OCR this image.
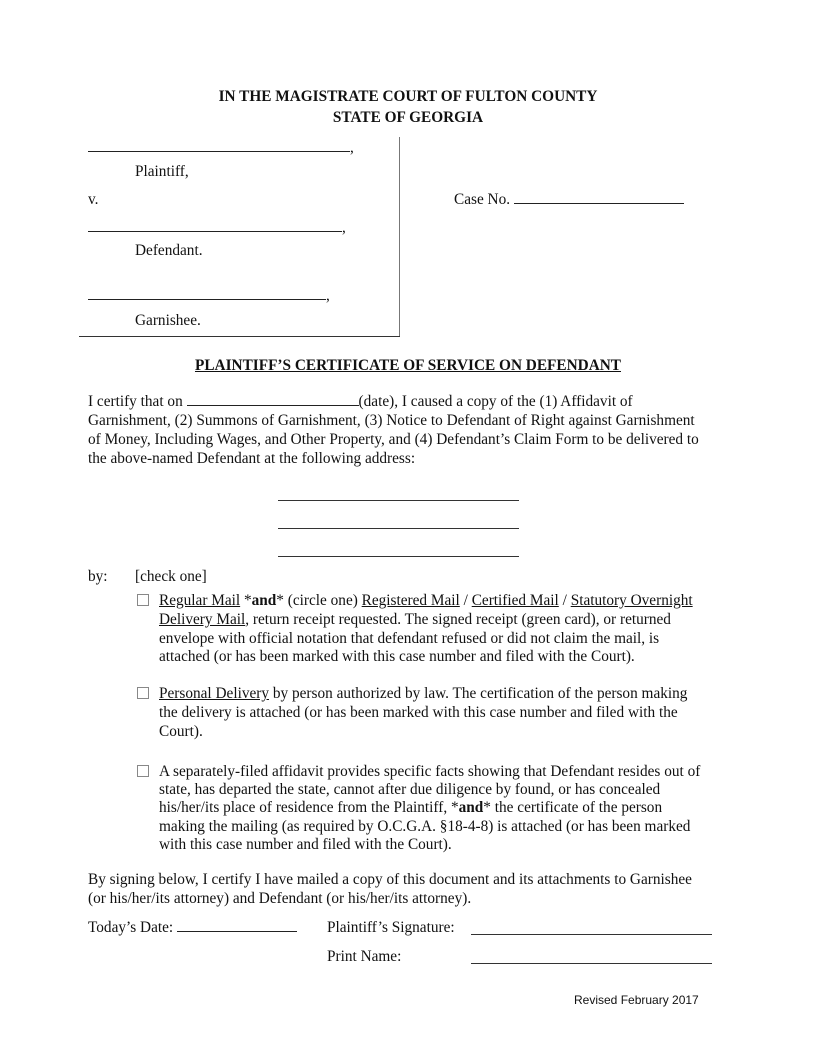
IN THE MAGISTRATE COURT OF FULTON COUNTY
STATE OF GEORGIA
,
Plaintiff,
v.
,
Defendant.
,
Garnishee.
Case No.
PLAINTIFF’S CERTIFICATE OF SERVICE ON DEFENDANT
I certify that on	(date), I caused a copy of the (1) Affidavit of
Garnishment, (2) Summons of Garnishment, (3) Notice to Defendant of Right against Garnishment
of Money, Including Wages, and Other Property, and (4) Defendant’s Claim Form to be delivered to
the above-named Defendant at the following address:
by: [check one]
Regular Mail *and* (circle one) Registered Mail / Certified Mail / Statutory Overnight
Delivery Mail, return receipt requested. The signed receipt (green card), or returned
envelope with official notation that defendant refused or did not claim the mail, is
attached (or has been marked with this case number and filed with the Court).
Personal Delivery by person authorized by law. The certification of the person making
the delivery is attached (or has been marked with this case number and filed with the
Court).
A separately-filed affidavit provides specific facts showing that Defendant resides out of
state, has departed the state, cannot after due diligence by found, or has concealed
his/her/its place of residence from the Plaintiff, *and* the certificate of the person
making the mailing (as required by O.C.G.A. §18-4-8) is attached (or has been marked
with this case number and filed with the Court).
By signing below, I certify I have mailed a copy of this document and its attachments to Garnishee
(or his/her/its attorney) and Defendant (or his/her/its attorney).
Today’s Date:	Plaintiff’s Signature:
Print Name:
Revised February 2017
